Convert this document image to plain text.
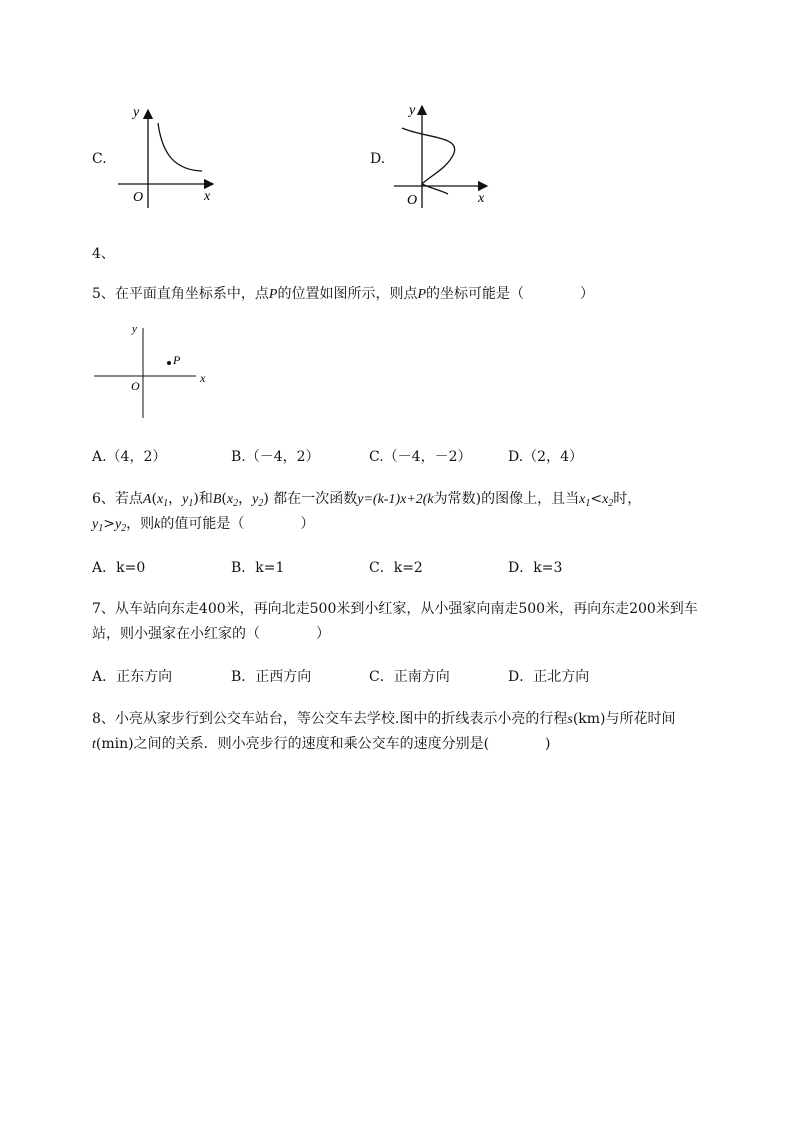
C.
y
x
O
D.
y
x
O
4、
5、在平面直角坐标系中，点P的位置如图所示，则点P的坐标可能是（　　　　）
P
y
x
O
A.（4，2）	B.（－4，2）	C.（－4，－2）	D.（2，4）
6、若点$A(x_1$，$y_1$)和$B(x_2$，$y_2$) 都在一次函数y=(k-1)x+2(k为常数)的图像上，且当$x_1<x_2$时，
$y_1>y_2$，则k的值可能是（　　　　）
A．k=0	B．k=1	C．k=2	D．k=3
7、从车站向东走400米，再向北走500米到小红家，从小强家向南走500米，再向东走200米到车
站，则小强家在小红家的（　　　　）
A．正东方向	B．正西方向	C．正南方向	D．正北方向
8、小亮从家步行到公交车站台，等公交车去学校.图中的折线表示小亮的行程s(km)与所花时间
t(min)之间的关系．则小亮步行的速度和乘公交车的速度分别是(　　　　)
